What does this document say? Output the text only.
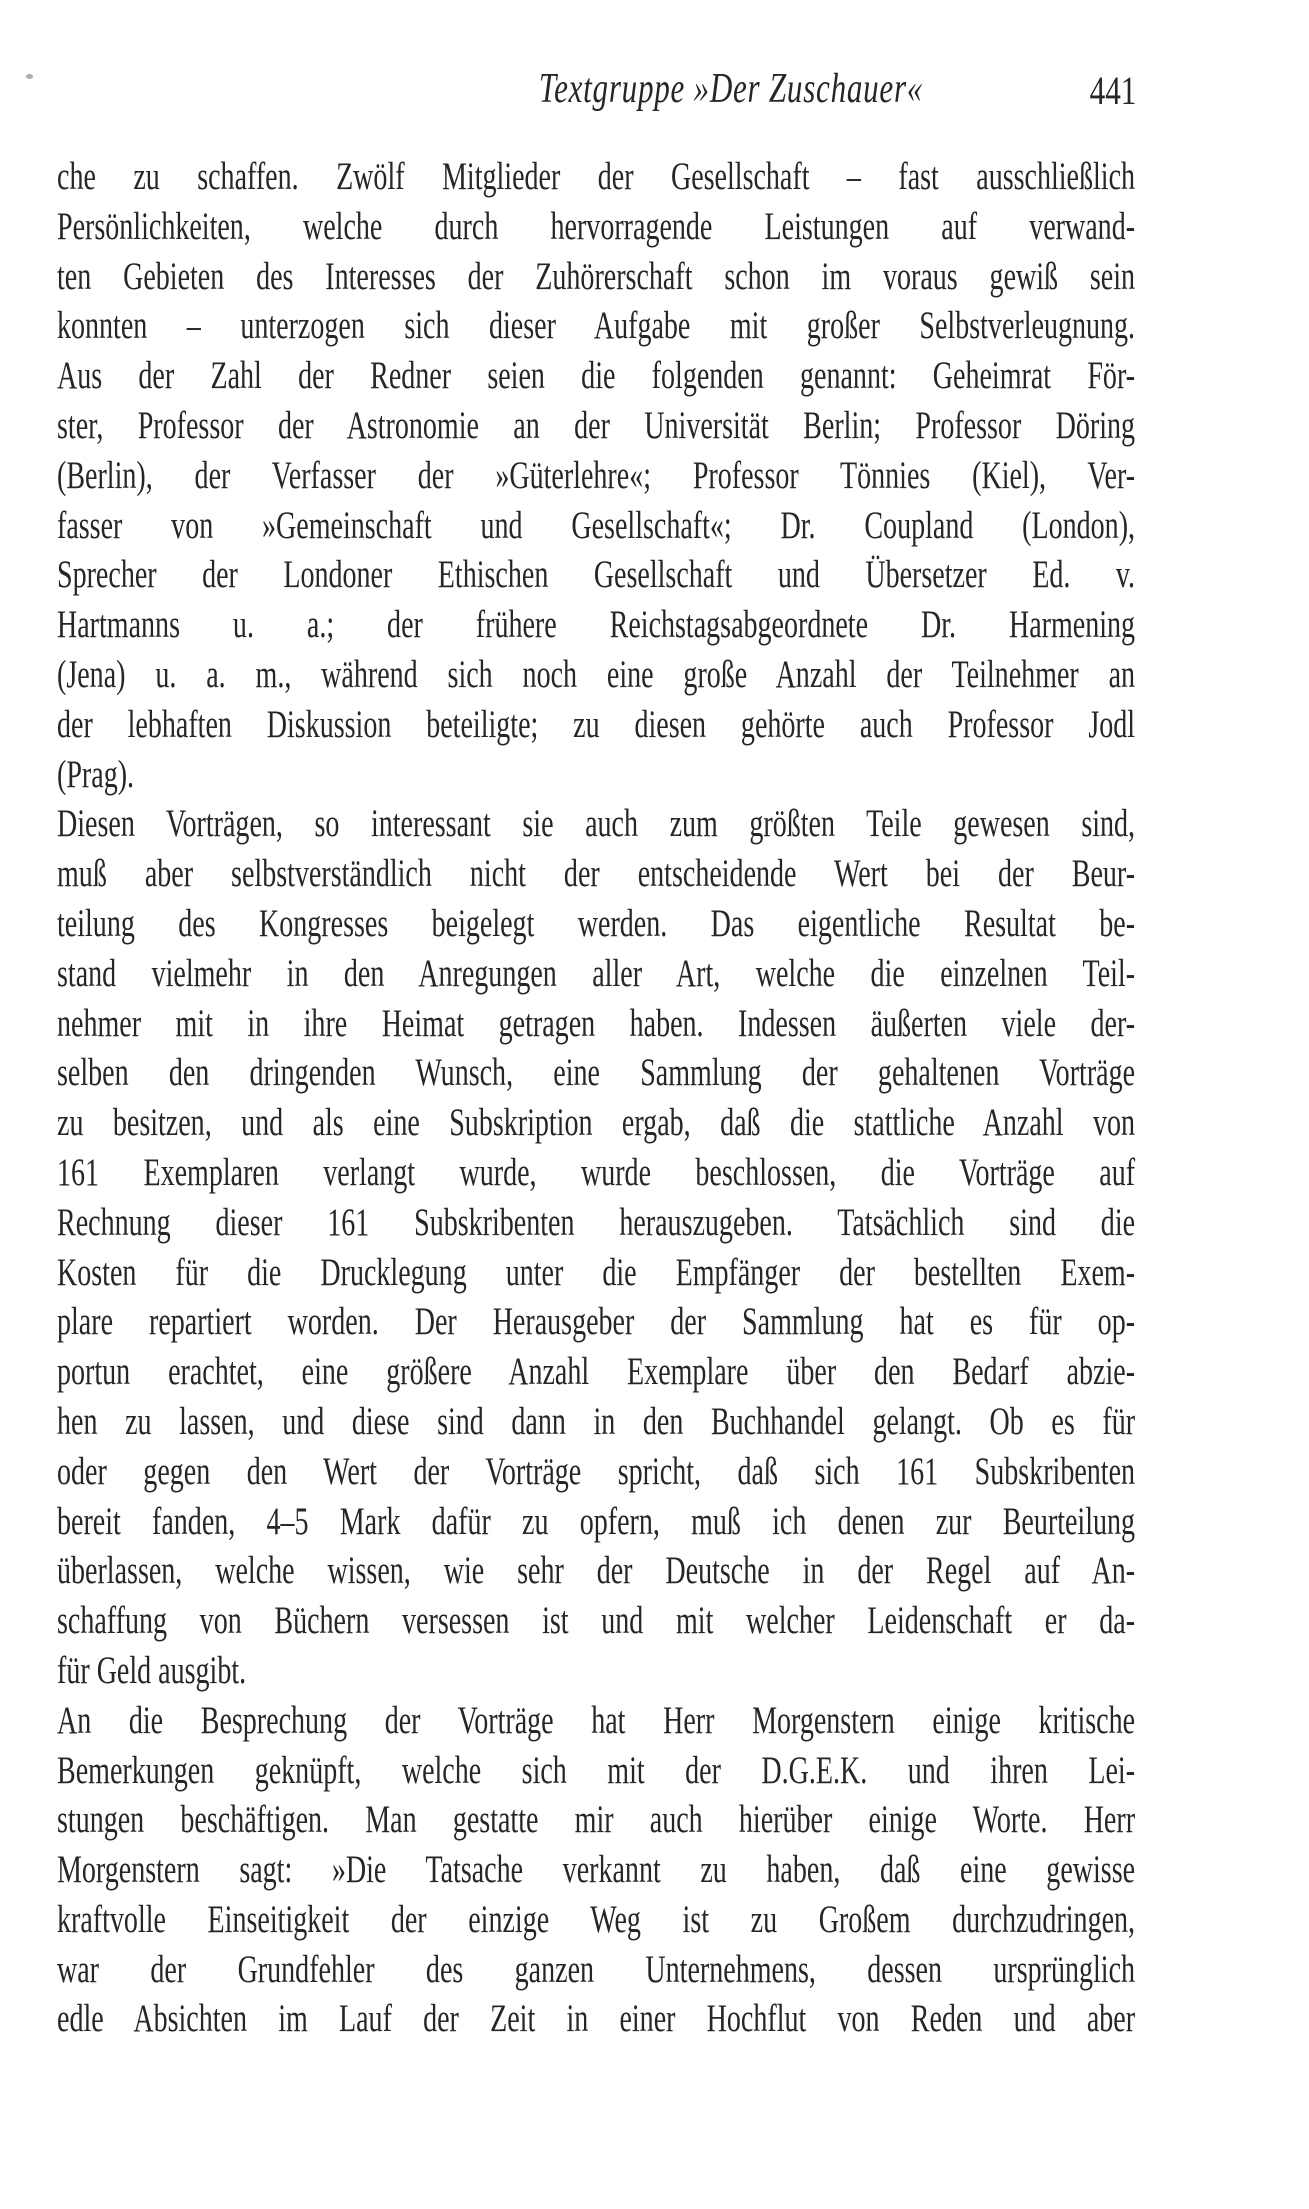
Textgruppe »Der Zuschauer«	441
che zu schaffen. Zwölf Mitglieder der Gesellschaft – fast ausschließlich
Persönlichkeiten, welche durch hervorragende Leistungen auf verwand-
ten Gebieten des Interesses der Zuhörerschaft schon im voraus gewiß sein
konnten – unterzogen sich dieser Aufgabe mit großer Selbstverleugnung.
Aus der Zahl der Redner seien die folgenden genannt: Geheimrat För-
ster, Professor der Astronomie an der Universität Berlin; Professor Döring
(Berlin), der Verfasser der »Güterlehre«; Professor Tönnies (Kiel), Ver-
fasser von »Gemeinschaft und Gesellschaft«; Dr. Coupland (London),
Sprecher der Londoner Ethischen Gesellschaft und Übersetzer Ed. v.
Hartmanns u. a.; der frühere Reichstagsabgeordnete Dr. Harmening
(Jena) u. a. m., während sich noch eine große Anzahl der Teilnehmer an
der lebhaften Diskussion beteiligte; zu diesen gehörte auch Professor Jodl
(Prag).
Diesen Vorträgen, so interessant sie auch zum größten Teile gewesen sind,
muß aber selbstverständlich nicht der entscheidende Wert bei der Beur-
teilung des Kongresses beigelegt werden. Das eigentliche Resultat be-
stand vielmehr in den Anregungen aller Art, welche die einzelnen Teil-
nehmer mit in ihre Heimat getragen haben. Indessen äußerten viele der-
selben den dringenden Wunsch, eine Sammlung der gehaltenen Vorträge
zu besitzen, und als eine Subskription ergab, daß die stattliche Anzahl von
161 Exemplaren verlangt wurde, wurde beschlossen, die Vorträge auf
Rechnung dieser 161 Subskribenten herauszugeben. Tatsächlich sind die
Kosten für die Drucklegung unter die Empfänger der bestellten Exem-
plare repartiert worden. Der Herausgeber der Sammlung hat es für op-
portun erachtet, eine größere Anzahl Exemplare über den Bedarf abzie-
hen zu lassen, und diese sind dann in den Buchhandel gelangt. Ob es für
oder gegen den Wert der Vorträge spricht, daß sich 161 Subskribenten
bereit fanden, 4–5 Mark dafür zu opfern, muß ich denen zur Beurteilung
überlassen, welche wissen, wie sehr der Deutsche in der Regel auf An-
schaffung von Büchern versessen ist und mit welcher Leidenschaft er da-
für Geld ausgibt.
An die Besprechung der Vorträge hat Herr Morgenstern einige kritische
Bemerkungen geknüpft, welche sich mit der D.G.E.K. und ihren Lei-
stungen beschäftigen. Man gestatte mir auch hierüber einige Worte. Herr
Morgenstern sagt: »Die Tatsache verkannt zu haben, daß eine gewisse
kraftvolle Einseitigkeit der einzige Weg ist zu Großem durchzudringen,
war der Grundfehler des ganzen Unternehmens, dessen ursprünglich
edle Absichten im Lauf der Zeit in einer Hochflut von Reden und aber
